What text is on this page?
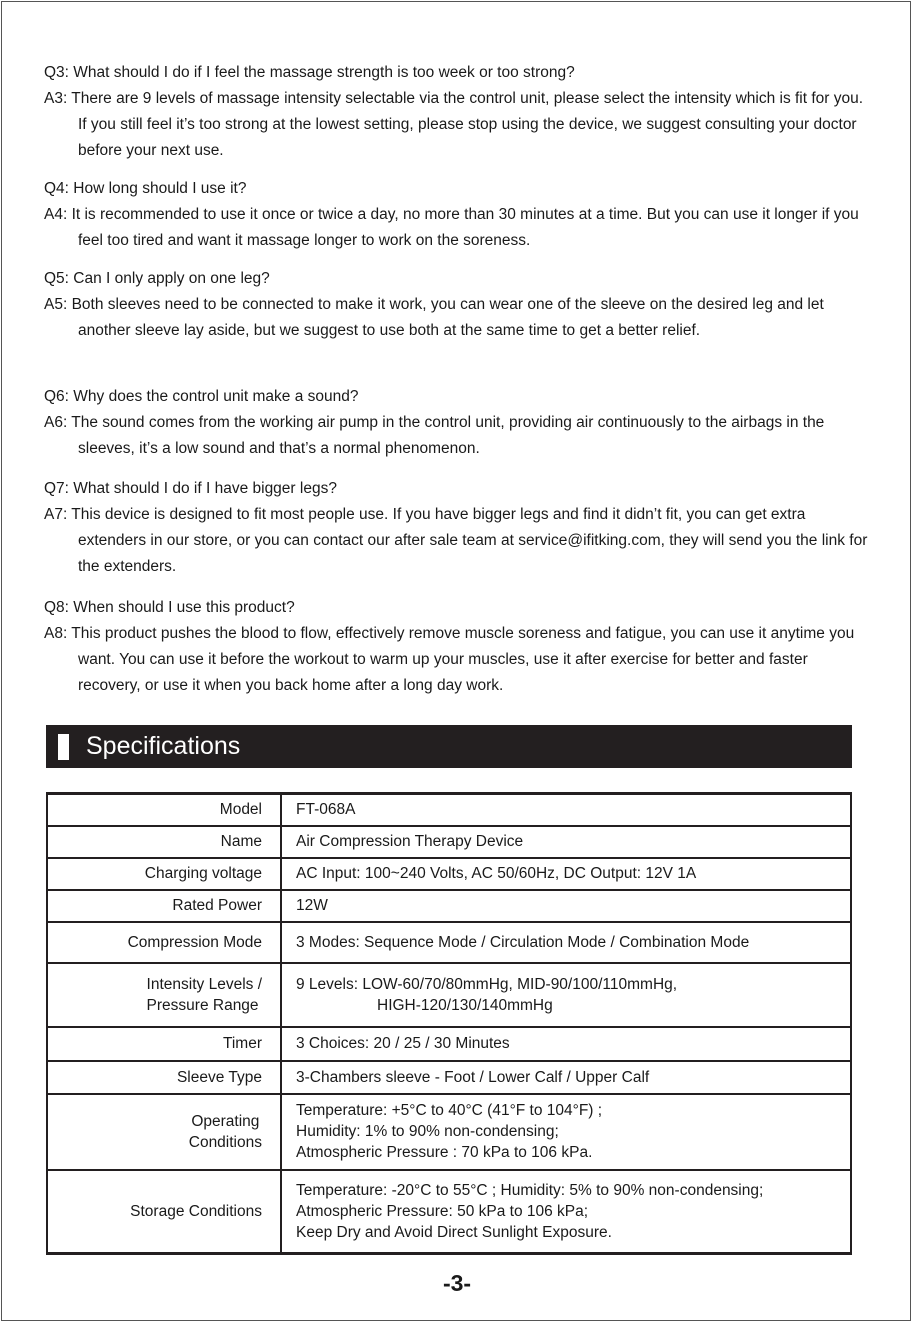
Q3: What should I do if I feel the massage strength is too week or too strong?
A3: There are 9 levels of massage intensity selectable via the control unit, please select the intensity which is fit for you. If you still feel it’s too strong at the lowest setting, please stop using the device, we suggest consulting your doctor before your next use.
Q4: How long should I use it?
A4: It is recommended to use it once or twice a day, no more than 30 minutes at a time. But you can use it longer if you feel too tired and want it massage longer to work on the soreness.
Q5: Can I only apply on one leg?
A5: Both sleeves need to be connected to make it work, you can wear one of the sleeve on the desired leg and let another sleeve lay aside, but we suggest to use both at the same time to get a better relief.
Q6: Why does the control unit make a sound?
A6: The sound comes from the working air pump in the control unit, providing air continuously to the airbags in the sleeves, it’s a low sound and that’s a normal phenomenon.
Q7: What should I do if I have bigger legs?
A7: This device is designed to fit most people use. If you have bigger legs and find it didn’t fit, you can get extra extenders in our store, or you can contact our after sale team at service@ifitking.com, they will send you the link for the extenders.
Q8: When should I use this product?
A8: This product pushes the blood to flow, effectively remove muscle soreness and fatigue, you can use it anytime you want. You can use it before the workout to warm up your muscles, use it after exercise for better and faster recovery, or use it when you back home after a long day work.
Specifications
Model	FT-068A
Name	Air Compression Therapy Device
Charging voltage	AC Input: 100~240 Volts, AC 50/60Hz, DC Output: 12V 1A
Rated Power	12W
Compression Mode	3 Modes: Sequence Mode / Circulation Mode / Combination Mode

Intensity Levels /
Pressure Range	9 Levels: LOW-60/70/80mmHg, MID-90/100/110mmHg,
HIGH-120/130/140mmHg

Timer	3 Choices: 20 / 25 / 30 Minutes
Sleeve Type	3-Chambers sleeve - Foot / Lower Calf / Upper Calf

Operating
Conditions	Temperature: +5°C to 40°C (41°F to 104°F) ;
Humidity: 1% to 90% non-condensing;
Atmospheric Pressure : 70 kPa to 106 kPa.

Storage Conditions	Temperature: -20°C to 55°C ; Humidity: 5% to 90% non-condensing;
Atmospheric Pressure: 50 kPa to 106 kPa;
Keep Dry and Avoid Direct Sunlight Exposure.
-3-
